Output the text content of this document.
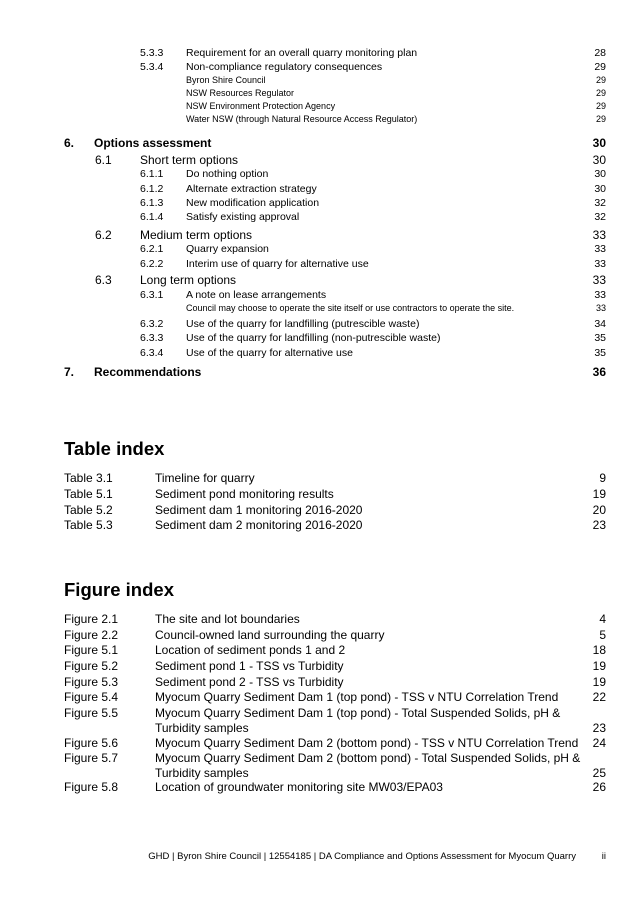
5.3.3 Requirement for an overall quarry monitoring plan	28
5.3.4 Non-compliance regulatory consequences	29
Byron Shire Council	29
NSW Resources Regulator	29
NSW Environment Protection Agency	29
Water NSW (through Natural Resource Access Regulator)	29
6. Options assessment	30
6.1 Short term options	30
6.1.1 Do nothing option	30
6.1.2 Alternate extraction strategy	30
6.1.3 New modification application	32
6.1.4 Satisfy existing approval	32
6.2 Medium term options	33
6.2.1 Quarry expansion	33
6.2.2 Interim use of quarry for alternative use	33
6.3 Long term options	33
6.3.1 A note on lease arrangements	33
Council may choose to operate the site itself or use contractors to operate the site.	33
6.3.2 Use of the quarry for landfilling (putrescible waste)	34
6.3.3 Use of the quarry for landfilling (non-putrescible waste)	35
6.3.4 Use of the quarry for alternative use	35
7. Recommendations	36
Table index
Table 3.1	Timeline for quarry	9
Table 5.1	Sediment pond monitoring results	19
Table 5.2	Sediment dam 1 monitoring 2016-2020	20
Table 5.3	Sediment dam 2 monitoring 2016-2020	23
Figure index
Figure 2.1	The site and lot boundaries	4
Figure 2.2	Council-owned land surrounding the quarry	5
Figure 5.1	Location of sediment ponds 1 and 2	18
Figure 5.2	Sediment pond 1 - TSS vs Turbidity	19
Figure 5.3	Sediment pond 2 - TSS vs Turbidity	19
Figure 5.4	Myocum Quarry Sediment Dam 1 (top pond) - TSS v NTU Correlation Trend	22
Figure 5.5	Myocum Quarry Sediment Dam 1 (top pond) - Total Suspended Solids, pH &
Turbidity samples	23
Figure 5.6	Myocum Quarry Sediment Dam 2 (bottom pond) - TSS v NTU Correlation Trend 24
Figure 5.7	Myocum Quarry Sediment Dam 2 (bottom pond) - Total Suspended Solids, pH &
Turbidity samples	25
Figure 5.8	Location of groundwater monitoring site MW03/EPA03	26
GHD | Byron Shire Council | 12554185 | DA Compliance and Options Assessment for Myocum Quarry	ii
